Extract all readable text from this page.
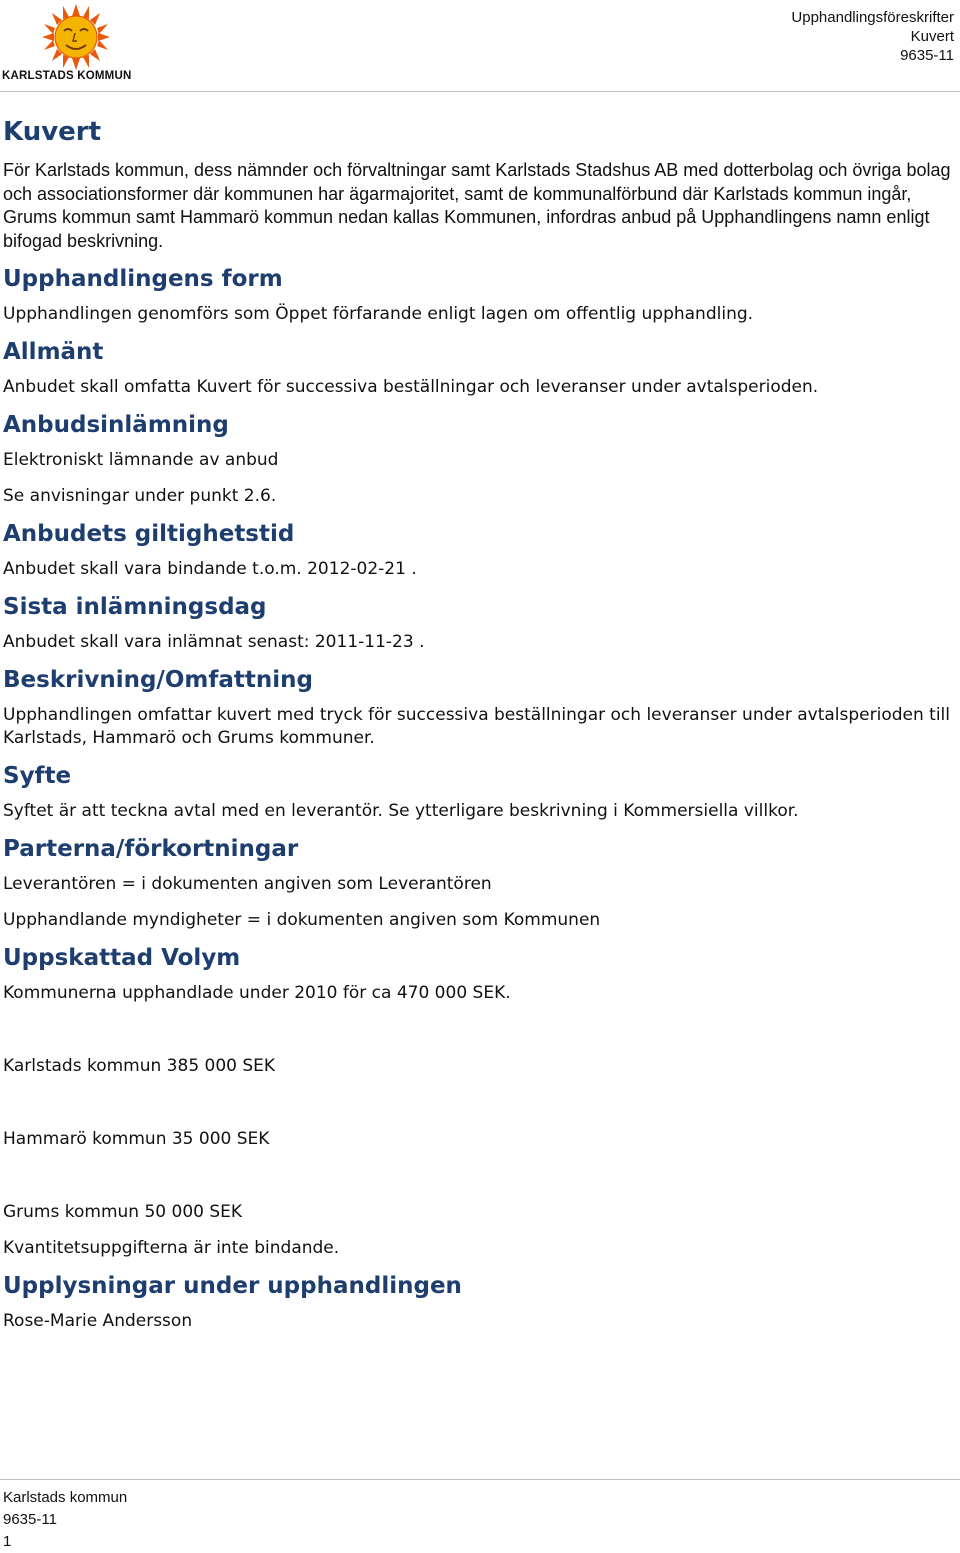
KARLSTADS KOMMUN
Upphandlingsföreskrifter
Kuvert
9635-11
Kuvert

För Karlstads kommun, dess nämnder och förvaltningar samt Karlstads Stadshus AB med dotterbolag och övriga bolag och associationsformer där kommunen har ägarmajoritet, samt de kommunalförbund där Karlstads kommun ingår, Grums kommun samt Hammarö kommun nedan kallas Kommunen, infordras anbud på Upphandlingens namn enligt bifogad beskrivning.

Upphandlingens form

Upphandlingen genomförs som Öppet förfarande enligt lagen om offentlig upphandling.

Allmänt

Anbudet skall omfatta Kuvert för successiva beställningar och leveranser under avtalsperioden.

Anbudsinlämning

Elektroniskt lämnande av anbud

Se anvisningar under punkt 2.6.

Anbudets giltighetstid

Anbudet skall vara bindande t.o.m. 2012-02-21 .

Sista inlämningsdag

Anbudet skall vara inlämnat senast: 2011-11-23 .

Beskrivning/Omfattning

Upphandlingen omfattar kuvert med tryck för successiva beställningar och leveranser under avtalsperioden till Karlstads, Hammarö och Grums kommuner.

Syfte

Syftet är att teckna avtal med en leverantör. Se ytterligare beskrivning i Kommersiella villkor.

Parterna/förkortningar

Leverantören = i dokumenten angiven som Leverantören

Upphandlande myndigheter = i dokumenten angiven som Kommunen

Uppskattad Volym

Kommunerna upphandlade under 2010 för ca 470 000 SEK.

Karlstads kommun 385 000 SEK

Hammarö kommun 35 000 SEK

Grums kommun 50 000 SEK

Kvantitetsuppgifterna är inte bindande.

Upplysningar under upphandlingen

Rose-Marie Andersson

Karlstads kommun
9635-11
1
